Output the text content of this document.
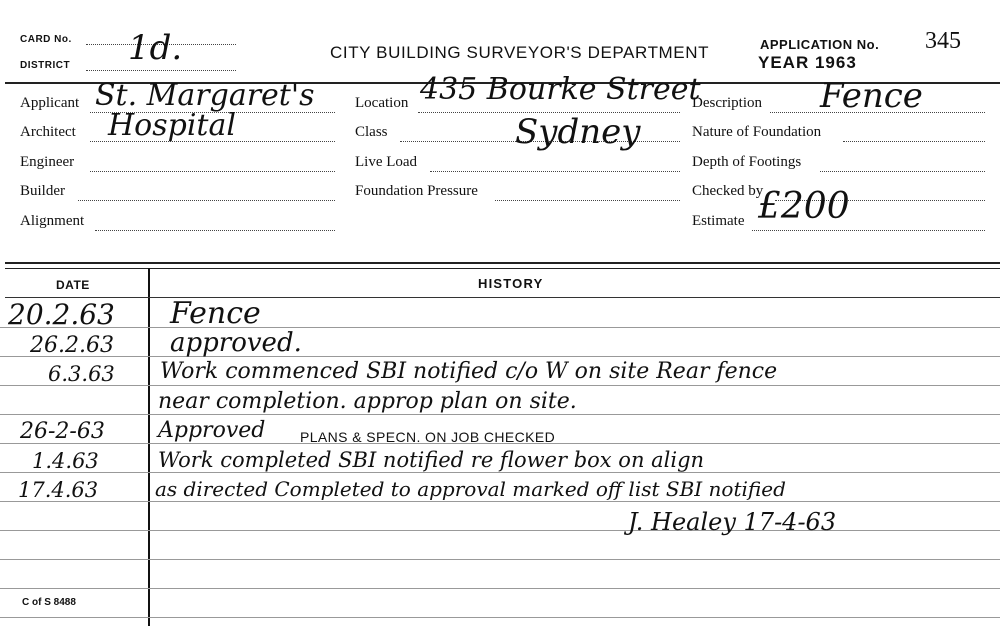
CARD No. 1d.
DISTRICT
CITY BUILDING SURVEYOR'S DEPARTMENT	APPLICATION No. 345
YEAR 1963
Applicant St. Margaret's
Architect Hospital
Engineer
Builder
Alignment
Location 435 Bourke Street
Class	Sydney
Live Load
Foundation Pressure
Description Fence
Nature of Foundation
Depth of Footings
Checked by
Estimate £200
DATE	HISTORY
20.2.63 Fence
26.2.63 approved.
6.3.63 Work commenced SBI notified c/o W on site Rear fence
near completion. approp plan on site.
26-2-63 Approved PLANS & SPECN. ON JOB CHECKED
1.4.63	Work completed SBI notified re flower box on align
17.4.63	as directed Completed to approval marked off list SBI notified
J. Healey 17-4-63
C of S 8488
